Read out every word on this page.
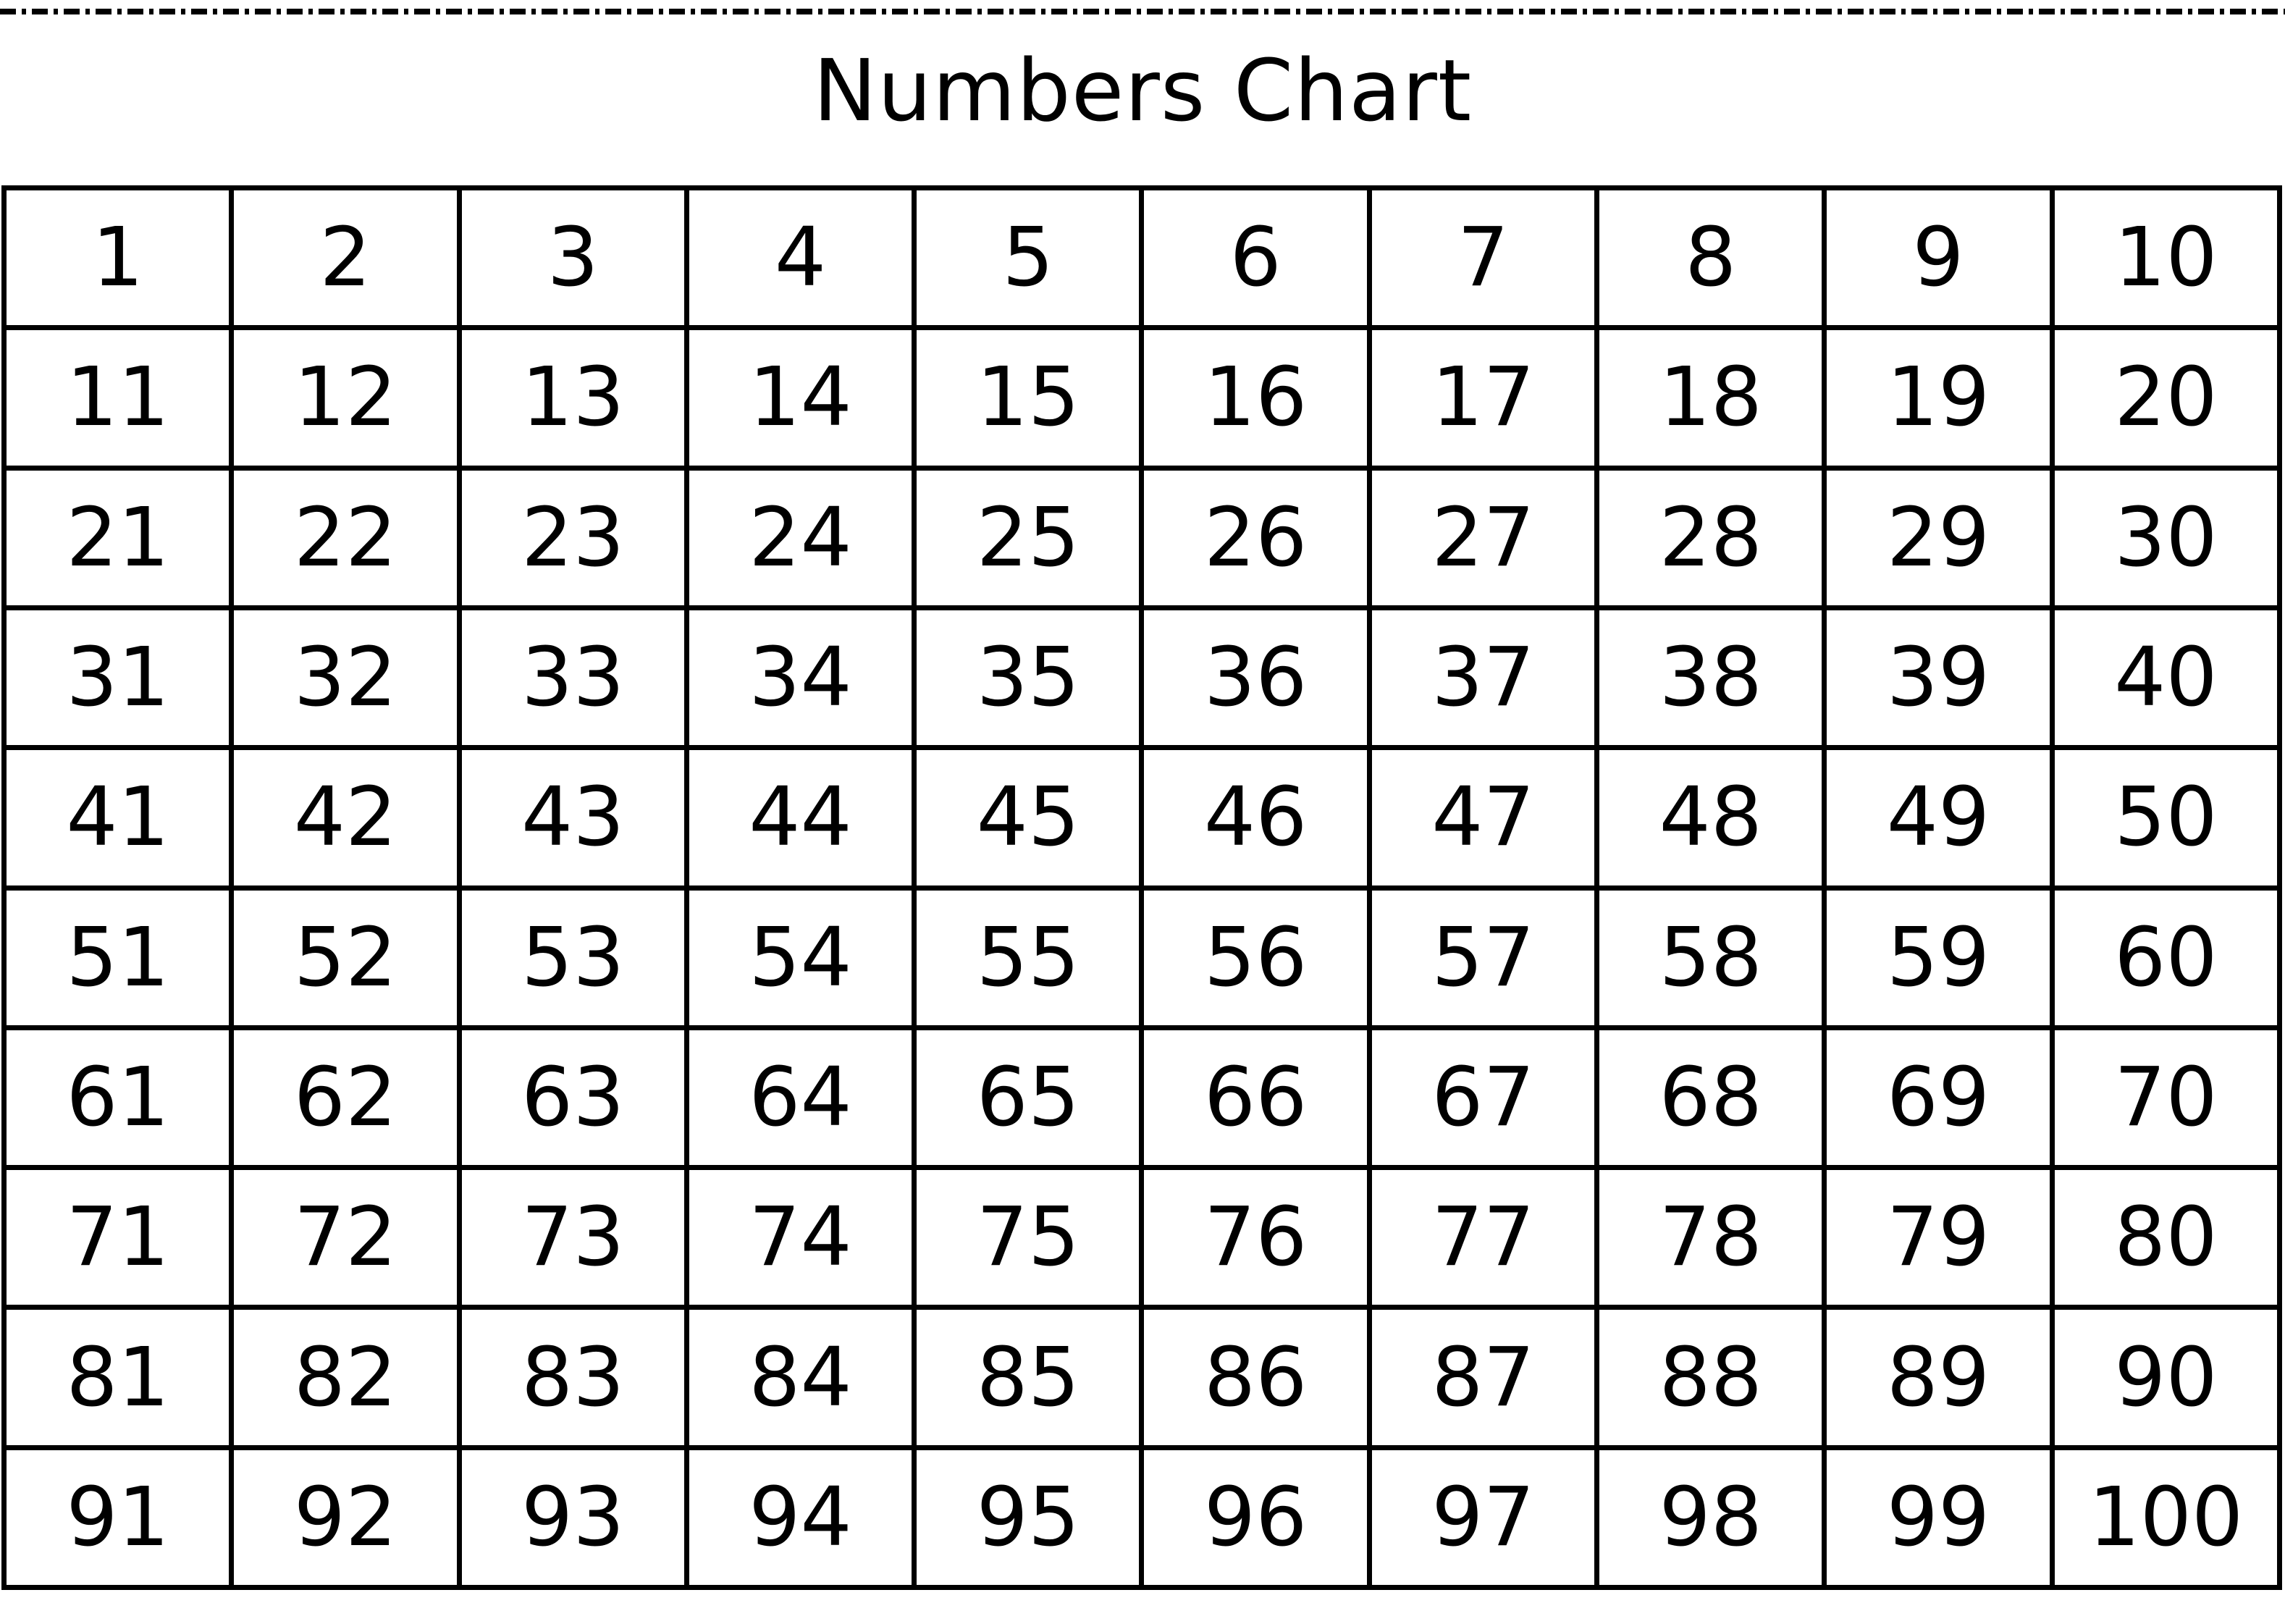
Numbers Chart
1	2	3	4	5	6	7	8	9	10
11	12	13	14	15	16	17	18	19	20
21	22	23	24	25	26	27	28	29	30
31	32	33	34	35	36	37	38	39	40
41	42	43	44	45	46	47	48	49	50
51	52	53	54	55	56	57	58	59	60
61	62	63	64	65	66	67	68	69	70
71	72	73	74	75	76	77	78	79	80
81	82	83	84	85	86	87	88	89	90
91	92	93	94	95	96	97	98	99	100
